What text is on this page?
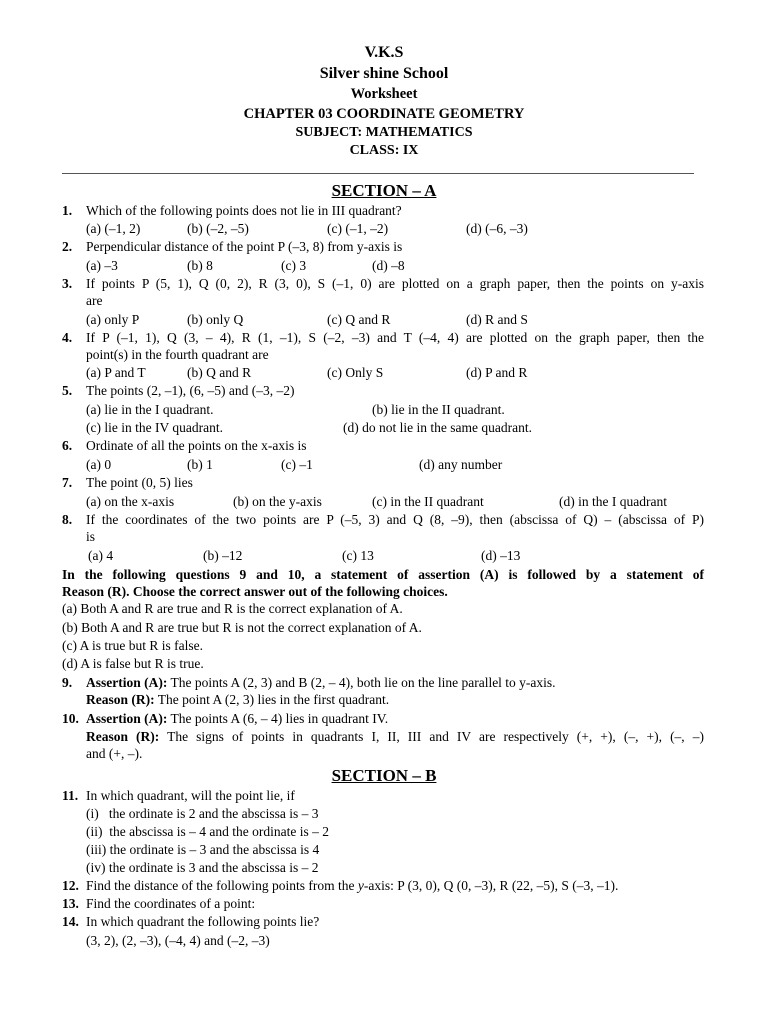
V.K.S
Silver shine School
Worksheet
CHAPTER 03 COORDINATE GEOMETRY
SUBJECT: MATHEMATICS
CLASS: IX
SECTION – A
1. Which of the following points does not lie in III quadrant?
(a) (–1, 2)	(b) (–2, –5)	(c) (–1, –2)	(d) (–6, –3)
2. Perpendicular distance of the point P (–3, 8) from y-axis is
(a) –3	(b) 8	(c) 3	(d) –8
3. If points P (5, 1), Q (0, 2), R (3, 0), S (–1, 0) are plotted on a graph paper, then the points on y-axis
are
(a) only P	(b) only Q	(c) Q and R	(d) R and S
4. If P (–1, 1), Q (3, – 4), R (1, –1), S (–2, –3) and T (–4, 4) are plotted on the graph paper, then the
point(s) in the fourth quadrant are
(a) P and T	(b) Q and R	(c) Only S	(d) P and R
5. The points (2, –1), (6, –5) and (–3, –2)
(a) lie in the I quadrant.	(b) lie in the II quadrant.
(c) lie in the IV quadrant.	(d) do not lie in the same quadrant.
6. Ordinate of all the points on the x-axis is
(a) 0	(b) 1	(c) –1	(d) any number
7. The point (0, 5) lies
(a) on the x-axis	(b) on the y-axis	(c) in the II quadrant	(d) in the I quadrant
8. If the coordinates of the two points are P (–5, 3) and Q (8, –9), then (abscissa of Q) – (abscissa of P)
is
(a) 4	(b) –12	(c) 13	(d) –13
In the following questions 9 and 10, a statement of assertion (A) is followed by a statement of
Reason (R). Choose the correct answer out of the following choices.
(a) Both A and R are true and R is the correct explanation of A.
(b) Both A and R are true but R is not the correct explanation of A.
(c) A is true but R is false.
(d) A is false but R is true.
9. Assertion (A): The points A (2, 3) and B (2, – 4), both lie on the line parallel to y-axis.
Reason (R): The point A (2, 3) lies in the first quadrant.
10. Assertion (A): The points A (6, – 4) lies in quadrant IV.
Reason (R): The signs of points in quadrants I, II, III and IV are respectively (+, +), (–, +), (–, –)
and (+, –).
SECTION – B
11. In which quadrant, will the point lie, if
(i)   the ordinate is 2 and the abscissa is – 3
(ii)  the abscissa is – 4 and the ordinate is – 2
(iii) the ordinate is – 3 and the abscissa is 4
(iv) the ordinate is 3 and the abscissa is – 2
12. Find the distance of the following points from the y-axis: P (3, 0), Q (0, –3), R (22, –5), S (–3, –1).
13. Find the coordinates of a point:
14. In which quadrant the following points lie?
(3, 2), (2, –3), (–4, 4) and (–2, –3)
